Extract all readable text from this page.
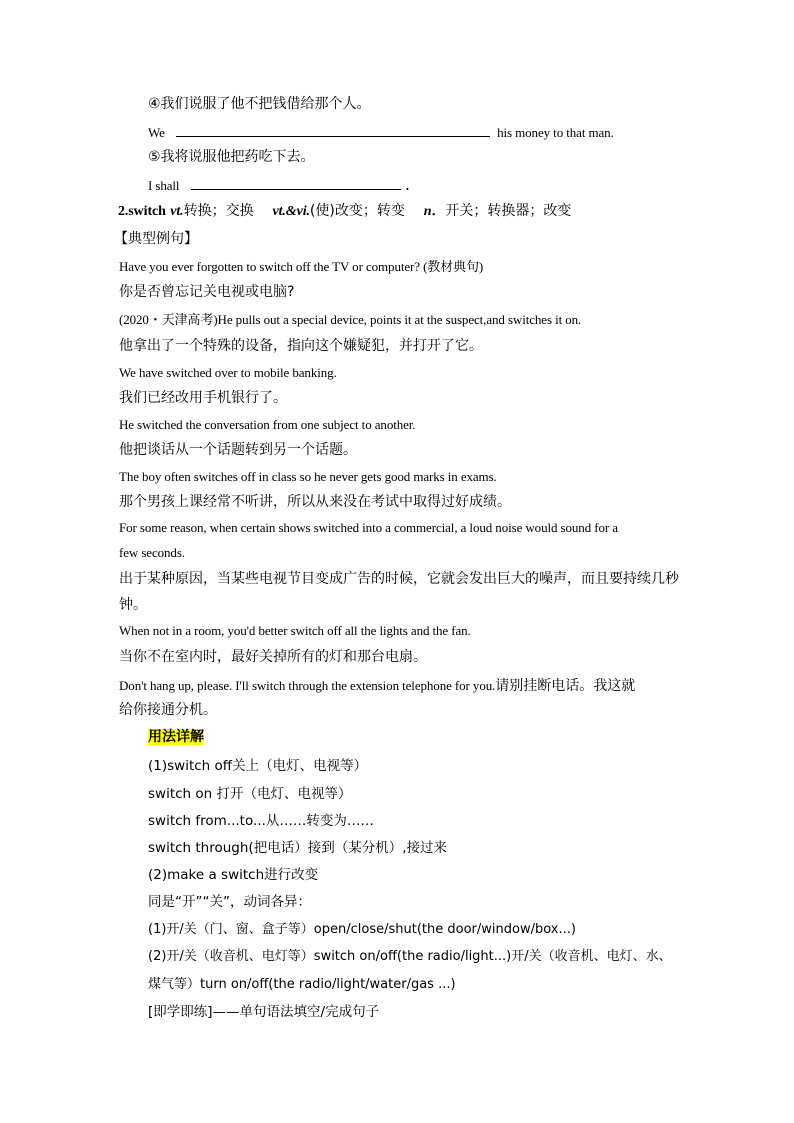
④我们说服了他不把钱借给那个人。
We	his money to that man.
⑤我将说服他把药吃下去。
I shall	.
2.switch vt.转换；交换 vt.&vi.(使)改变；转变 n．开关；转换器；改变
【典型例句】
Have you ever forgotten to switch off the TV or computer? (教材典句)
你是否曾忘记关电视或电脑?
(2020・天津高考)He pulls out a special device, points it at the suspect,and switches it on.
他拿出了一个特殊的设备，指向这个嫌疑犯，并打开了它。
We have switched over to mobile banking.
我们已经改用手机银行了。
He switched the conversation from one subject to another.
他把谈话从一个话题转到另一个话题。
The boy often switches off in class so he never gets good marks in exams.
那个男孩上课经常不听讲，所以从来没在考试中取得过好成绩。
For some reason, when certain shows switched into a commercial, a loud noise would sound for a
few seconds.
出于某种原因，当某些电视节目变成广告的时候，它就会发出巨大的噪声，而且要持续几秒
钟。
When not in a room, you'd better switch off all the lights and the fan.
当你不在室内时，最好关掉所有的灯和那台电扇。
Don't hang up, please. I'll switch through the extension telephone for you.请别挂断电话。我这就
给你接通分机。
用法详解
(1)switch off关上（电灯、电视等）
switch on 打开（电灯、电视等）
switch from...to...从……转变为……
switch through(把电话）接到（某分机）,接过来
(2)make a switch进行改变
同是“开”“关”，动词各异：
(1)开/关（门、窗、盒子等）open/close/shut(the door/window/box...)
(2)开/关（收音机、电灯等）switch on/off(the radio/light...)开/关（收音机、电灯、水、
煤气等）turn on/off(the radio/light/water/gas ...)
[即学即练]——单句语法填空/完成句子
